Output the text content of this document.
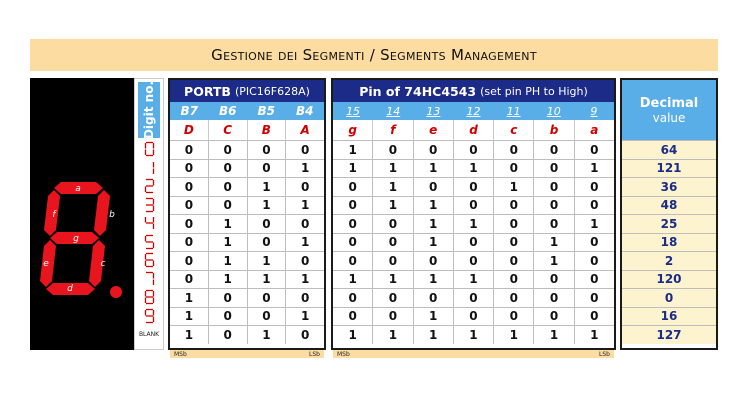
Gestione dei Segmenti / Segments Management
a
b
c
d
e
f
g
Digit no.
BLANK
PORTB (PIC16F628A)
B7	B6	B5	B4
D	C	B	A
0	0	0	0
0	0	0	1
0	0	1	0
0	0	1	1
0	1	0	0
0	1	0	1
0	1	1	0
0	1	1	1
1	0	0	0
1	0	0	1
1	0	1	0
Pin of 74HC4543 (set pin PH to High)
15	14	13	12	11	10	9
g	f	e	d	c	b	a
1	0	0	0	0	0	0
1	1	1	1	0	0	1
0	1	0	0	1	0	0
0	1	1	0	0	0	0
0	0	1	1	0	0	1
0	0	1	0	0	1	0
0	0	0	0	0	1	0
1	1	1	1	0	0	0
0	0	0	0	0	0	0
0	0	1	0	0	0	0
1	1	1	1	1	1	1
Decimal
value
64
121
36
48
25
18
2
120
0
16
127
MSb	LSb	MSb	LSb
